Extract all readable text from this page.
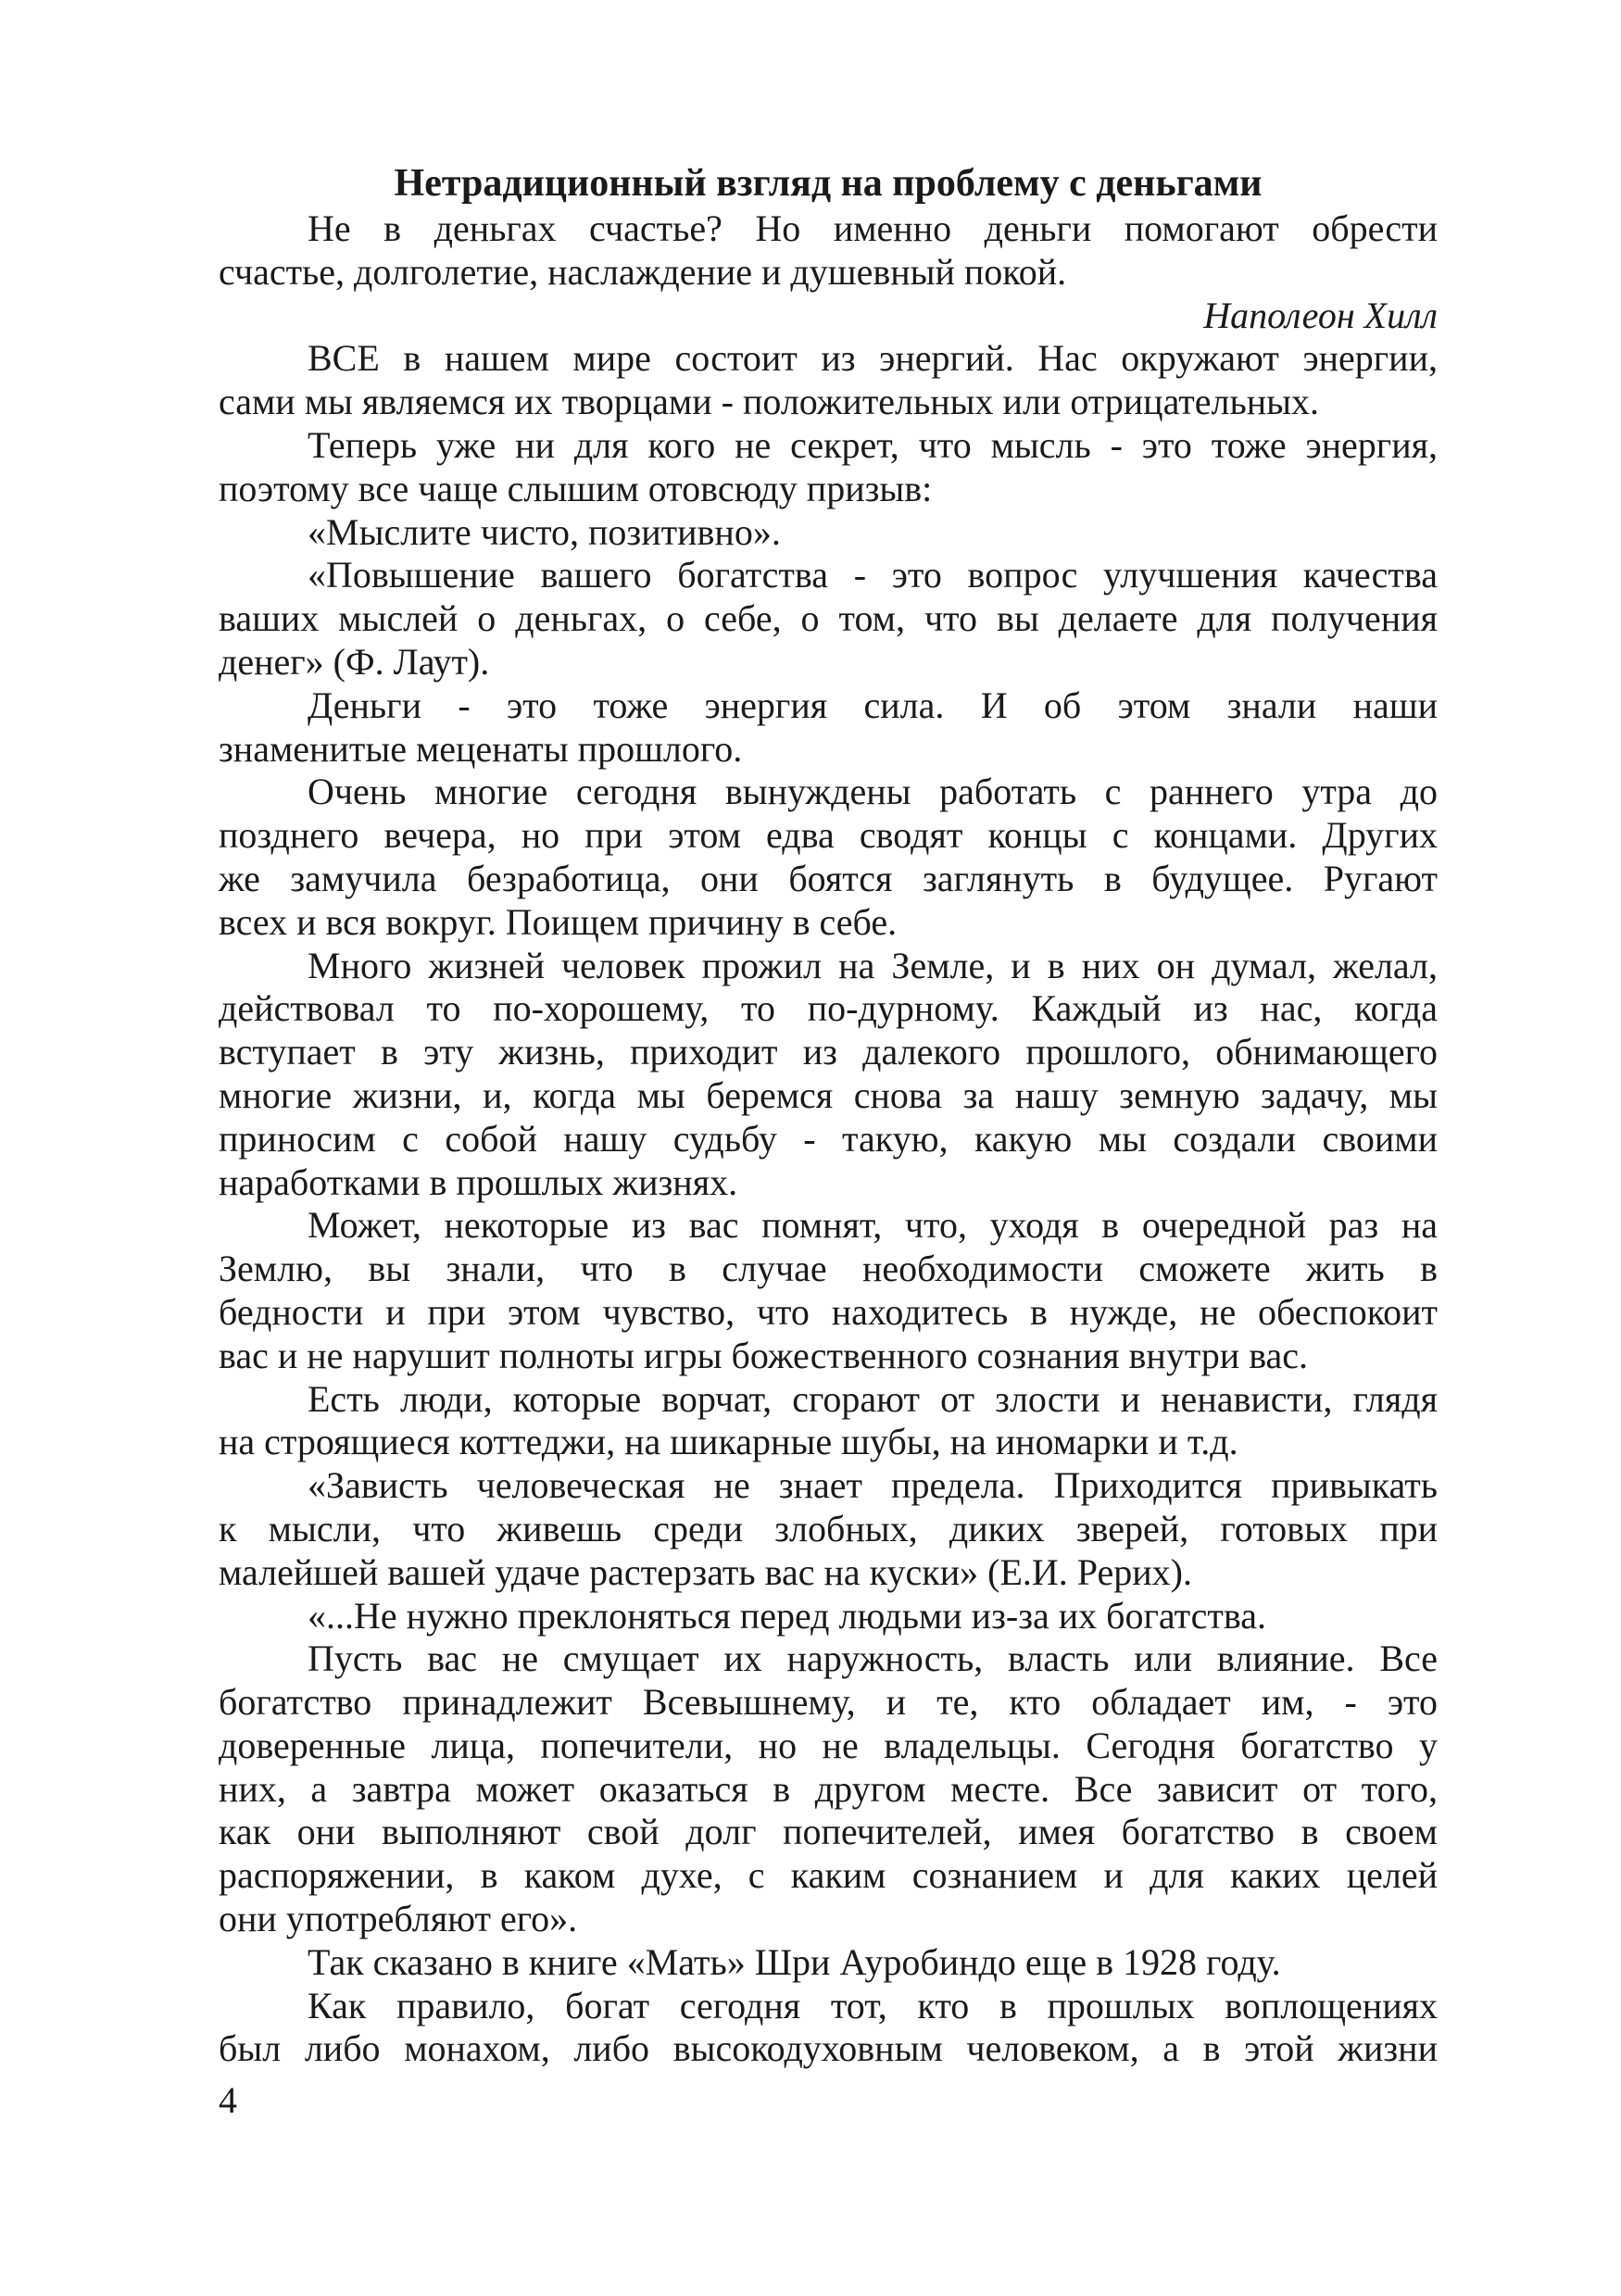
Нетрадиционный взгляд на проблему с деньгами
Не в деньгах счастье? Но именно деньги помогают обрести
счастье, долголетие, наслаждение и душевный покой.
Наполеон Хилл
ВСЕ в нашем мире состоит из энергий. Нас окружают энергии,
сами мы являемся их творцами - положительных или отрицательных.
Теперь уже ни для кого не секрет, что мысль - это тоже энергия,
поэтому все чаще слышим отовсюду призыв:
«Мыслите чисто, позитивно».
«Повышение вашего богатства - это вопрос улучшения качества
ваших мыслей о деньгах, о себе, о том, что вы делаете для получения
денег» (Ф. Лаут).
Деньги - это тоже энергия сила. И об этом знали наши
знаменитые меценаты прошлого.
Очень многие сегодня вынуждены работать с раннего утра до
позднего вечера, но при этом едва сводят концы с концами. Других
же замучила безработица, они боятся заглянуть в будущее. Ругают
всех и вся вокруг. Поищем причину в себе.
Много жизней человек прожил на Земле, и в них он думал, желал,
действовал то по-хорошему, то по-дурному. Каждый из нас, когда
вступает в эту жизнь, приходит из далекого прошлого, обнимающего
многие жизни, и, когда мы беремся снова за нашу земную задачу, мы
приносим с собой нашу судьбу - такую, какую мы создали своими
наработками в прошлых жизнях.
Может, некоторые из вас помнят, что, уходя в очередной раз на
Землю, вы знали, что в случае необходимости сможете жить в
бедности и при этом чувство, что находитесь в нужде, не обеспокоит
вас и не нарушит полноты игры божественного сознания внутри вас.
Есть люди, которые ворчат, сгорают от злости и ненависти, глядя
на строящиеся коттеджи, на шикарные шубы, на иномарки и т.д.
«Зависть человеческая не знает предела. Приходится привыкать
к мысли, что живешь среди злобных, диких зверей, готовых при
малейшей вашей удаче растерзать вас на куски» (Е.И. Рерих).
«...Не нужно преклоняться перед людьми из-за их богатства.
Пусть вас не смущает их наружность, власть или влияние. Все
богатство принадлежит Всевышнему, и те, кто обладает им, - это
доверенные лица, попечители, но не владельцы. Сегодня богатство у
них, а завтра может оказаться в другом месте. Все зависит от того,
как они выполняют свой долг попечителей, имея богатство в своем
распоряжении, в каком духе, с каким сознанием и для каких целей
они употребляют его».
Так сказано в книге «Мать» Шри Ауробиндо еще в 1928 году.
Как правило, богат сегодня тот, кто в прошлых воплощениях
был либо монахом, либо высокодуховным человеком, а в этой жизни
4
